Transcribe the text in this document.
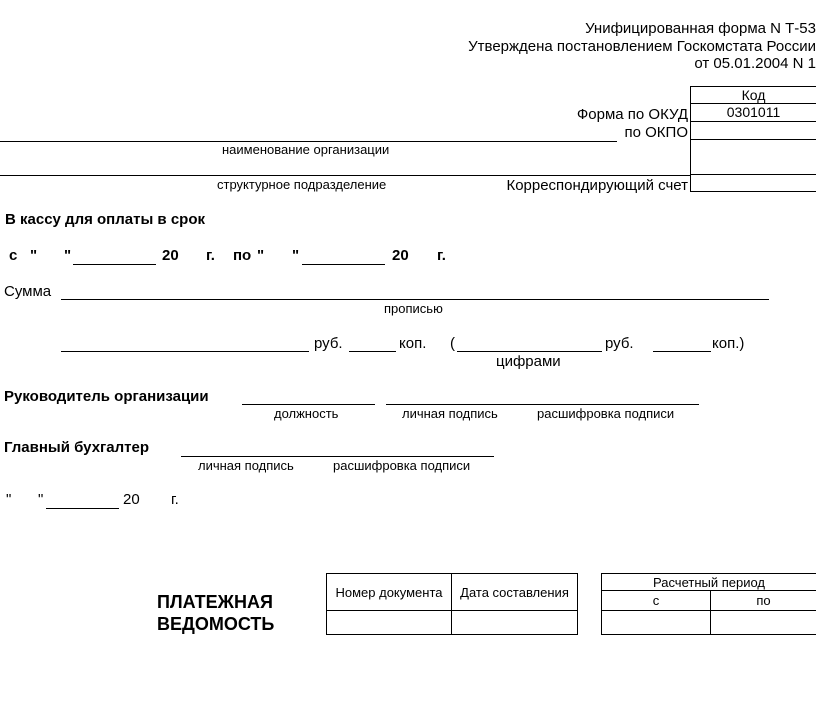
Унифицированная форма N Т-53
Утверждена постановлением Госкомстата России
от 05.01.2004 N 1
Код
0301011
Форма по ОКУД
по ОКПО
наименование организации
структурное подразделение	Корреспондирующий счет
В кассу для оплаты в срок
с " "	20 г. по " "	20 г.
Сумма
прописью
руб.	коп. (	руб.	коп.)
цифрами
Руководитель организации
должность	личная подпись	расшифровка подписи
Главный бухгалтер
личная подпись	расшифровка подписи
" "	20 г.
ПЛАТЕЖНАЯ
ВЕДОМОСТЬ
Номер документа	Дата составления
Расчетный период
с	по
